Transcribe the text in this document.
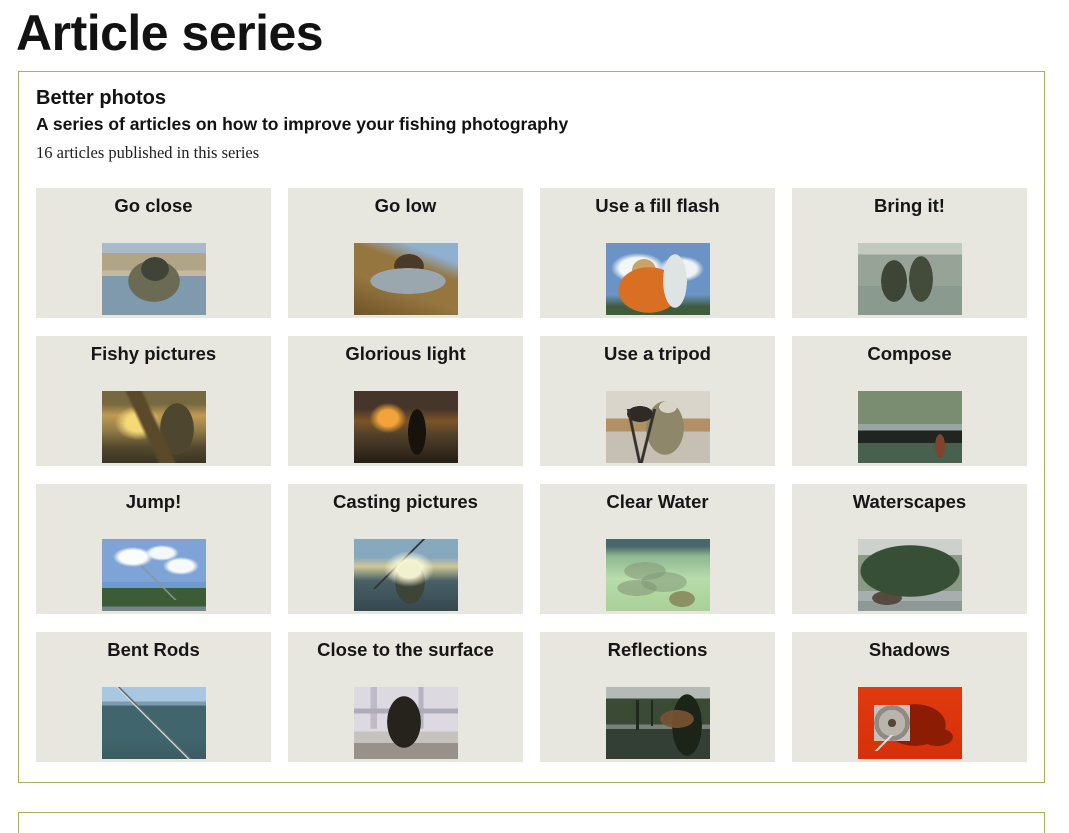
Article series
Better photos
A series of articles on how to improve your fishing photography

16 articles published in this series

Go close	Go low	Use a fill flash	Bring it!
Fishy pictures	Glorious light	Use a tripod	Compose
Jump!	Casting pictures	Clear Water	Waterscapes
Bent Rods	Close to the surface	Reflections	Shadows
